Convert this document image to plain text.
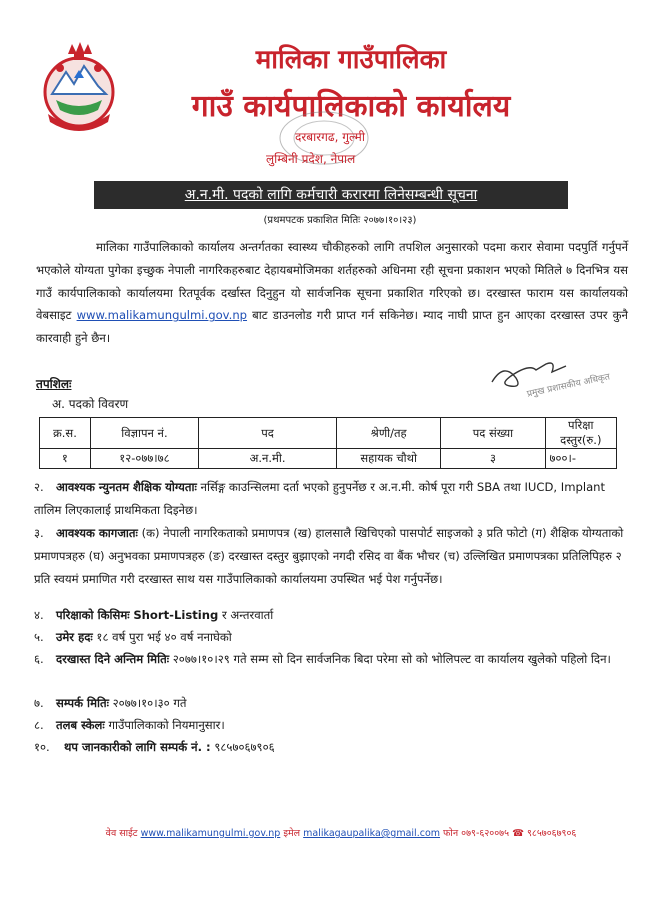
मालिका गाउँपालिका
गाउँ कार्यपालिकाको कार्यालय
दरबारगढ, गुल्मी
लुम्बिनी प्रदेश, नेपाल
अ.न.मी. पदको लागि कर्मचारी करारमा लिनेसम्बन्धी सूचना
(प्रथमपटक प्रकाशित मितिः २०७७।१०।२३)
मालिका गाउँपालिकाको कार्यालय अन्तर्गतका स्वास्थ्य चौकीहरुको लागि तपशिल अनुसारको पदमा करार सेवामा पदपुर्ति गर्नुपर्ने भएकोले योग्यता पुगेका इच्छुक नेपाली नागरिकहरुबाट देहायबमोजिमका शर्तहरुको अधिनमा रही सूचना प्रकाशन भएको मितिले ७ दिनभित्र यस गाउँ कार्यपालिकाको कार्यालयमा रितपूर्वक दर्खास्त दिनुहुन यो सार्वजनिक सूचना प्रकाशित गरिएको छ। दरखास्त फाराम यस कार्यालयको वेबसाइट www.malikamungulmi.gov.np बाट डाउनलोड गरी प्राप्त गर्न सकिनेछ। म्याद नाघी प्राप्त हुन आएका दरखास्त उपर कुनै कारवाही हुने छैन।
प्रमुख प्रशासकीय अधिकृत
तपशिलः
अ. पदको विवरण
क्र.स.	विज्ञापन नं.	पद	श्रेणी/तह	पद संख्या	परिक्षा दस्तुर(रु.)
१	१२-०७७।७८	अ.न.मी.	सहायक चौथो	३	७००।-
२. आवश्यक न्युनतम शैक्षिक योग्यताः नर्सिङ्ग काउन्सिलमा दर्ता भएको हुनुपर्नेछ र अ.न.मी. कोर्ष पूरा गरी SBA तथा IUCD, Implant तालिम लिएकालाई प्राथमिकता दिइनेछ।
३. आवश्यक कागजातः (क) नेपाली नागरिकताको प्रमाणपत्र (ख) हालसालै खिचिएको पासपोर्ट साइजको ३ प्रति फोटो (ग) शैक्षिक योग्यताको प्रमाणपत्रहरु (घ) अनुभवका प्रमाणपत्रहरु (ङ) दरखास्त दस्तुर बुझाएको नगदी रसिद वा बैंक भौचर (च) उल्लिखित प्रमाणपत्रका प्रतिलिपिहरु २ प्रति स्वयमं प्रमाणित गरी दरखास्त साथ यस गाउँपालिकाको कार्यालयमा उपस्थित भई पेश गर्नुपर्नेछ।
४. परिक्षाको किसिमः Short-Listing र अन्तरवार्ता
५. उमेर हदः १८ वर्ष पुरा भई ४० वर्ष ननाघेको
६. दरखास्त दिने अन्तिम मितिः २०७७।१०।२९ गते सम्म सो दिन सार्वजनिक बिदा परेमा सो को भोलिपल्ट वा कार्यालय खुलेको पहिलो दिन।
७. सम्पर्क मितिः २०७७।१०।३० गते
८. तलब स्केलः गाउँपालिकाको नियमानुसार।
१०. थप जानकारीको लागि सम्पर्क नं. : ९८५७०६७९०६
वेव साईट www.malikamungulmi.gov.np इमेल malikagaupalika@gmail.com फोन ०७९-६२००७५ ☎ ९८५७०६७९०६
